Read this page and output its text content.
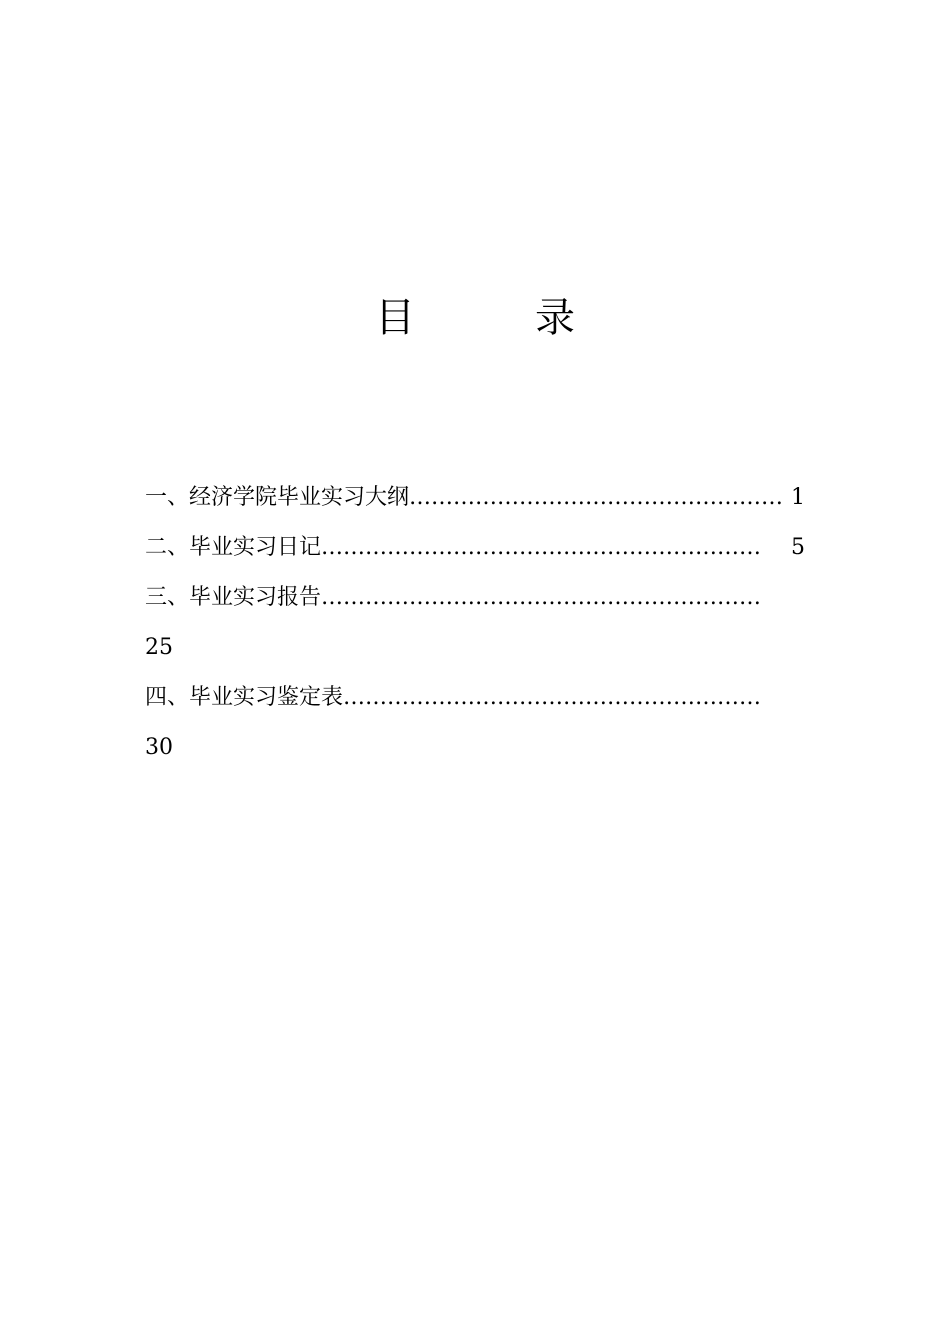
目	录
一、经济学院毕业实习大纲 …………………………………………… 1
二、毕业实习日记 ……………………………………………………	5
三、毕业实习报告……………………………………………………
25
四、毕业实习鉴定表…………………………………………………
30
